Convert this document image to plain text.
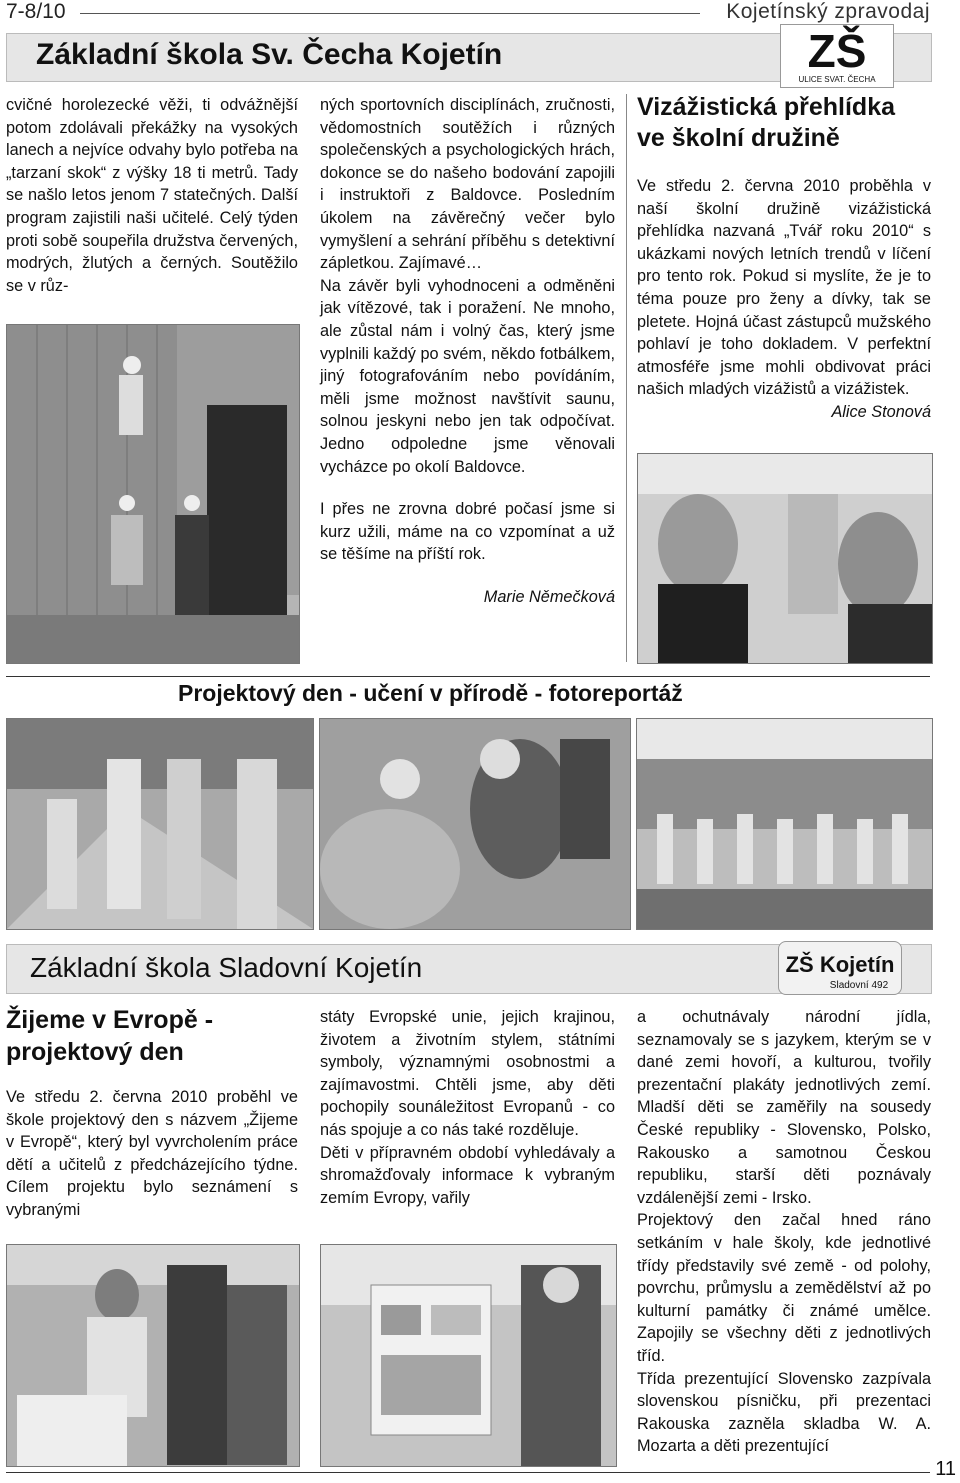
7-8/10	Kojetínský zpravodaj
Základní škola Sv. Čecha Kojetín	ZŠ
ULICE SVAT. ČECHA
cvičné horolezecké věži, ti odvážnější potom zdolávali překážky na vysokých lanech a nejvíce odvahy bylo potřeba na „tarzaní skok“ z výšky 18 ti metrů. Tady se našlo letos jenom 7 statečných. Další program zajistili naši učitelé. Celý týden proti sobě soupeřila družstva červených, modrých, žlutých a černých. Soutěžilo se v růz-

ných sportovních disciplínách, zručnosti, vědomostních soutěžích i různých společenských a psychologických hrách, dokonce se do našeho bodování zapojili i instruktoři z Baldovce. Posledním úkolem na závěrečný večer bylo vymyšlení a sehrání příběhu s detektivní zápletkou. Zajímavé…

Na závěr byli vyhodnoceni a odměněni jak vítězové, tak i poražení. Ne mnoho, ale zůstal nám i volný čas, který jsme vyplnili každý po svém, někdo fotbálkem, jiný fotografováním nebo povídáním, měli jsme možnost navštívit saunu, solnou jeskyni nebo jen tak odpočívat. Jedno odpoledne jsme věnovali vycházce po okolí Baldovce.

I přes ne zrovna dobré počasí jsme si kurz užili, máme na co vzpomínat a už se těšíme na příští rok.

Marie Němečková

Vizážistická přehlídka ve školní družině

Ve středu 2. června 2010 proběhla v naší školní družině vizážistická přehlídka nazvaná „Tvář roku 2010“ s ukázkami nových letních trendů v líčení pro tento rok. Pokud si myslíte, že je to téma pouze pro ženy a dívky, tak se pletete. Hojná účast zástupců mužského pohlaví je toho dokladem. V perfektní atmosféře jsme mohli obdivovat práci našich mladých vizážistů a vizážistek.

Alice Stonová

Projektový den - učení v přírodě - fotoreportáž
Základní škola Sladovní Kojetín	ZŠ Kojetín
Sladovní 492
Žijeme v Evropě - projektový den
Ve středu 2. června 2010 proběhl ve škole projektový den s názvem „Žijeme v Evropě“, který byl vyvrcholením práce dětí a učitelů z předcházejícího týdne. Cílem projektu bylo seznámení s vybranými

státy Evropské unie, jejich krajinou, životem a životním stylem, státními symboly, významnými osobnostmi a zajímavostmi. Chtěli jsme, aby děti pochopily sounáležitost Evropanů - co nás spojuje a co nás také rozděluje.

Děti v přípravném období vyhledávaly a shromažďovaly informace k vybraným zemím Evropy, vařily

a ochutnávaly národní jídla, seznamovaly se s jazykem, kterým se v dané zemi hovoří, a kulturou, tvořily prezentační plakáty jednotlivých zemí. Mladší děti se zaměřily na sousedy České republiky - Slovensko, Polsko, Rakousko a samotnou Českou republiku, starší děti poznávaly vzdálenější zemi - Irsko.

Projektový den začal hned ráno setkáním v hale školy, kde jednotlivé třídy představily své země - od polohy, povrchu, průmyslu a zemědělství až po kulturní památky či známé umělce. Zapojily se všechny děti z jednotlivých tříd.

Třída prezentující Slovensko zazpívala slovenskou písničku, při prezentaci Rakouska zazněla skladba W. A. Mozarta a děti prezentující

11
